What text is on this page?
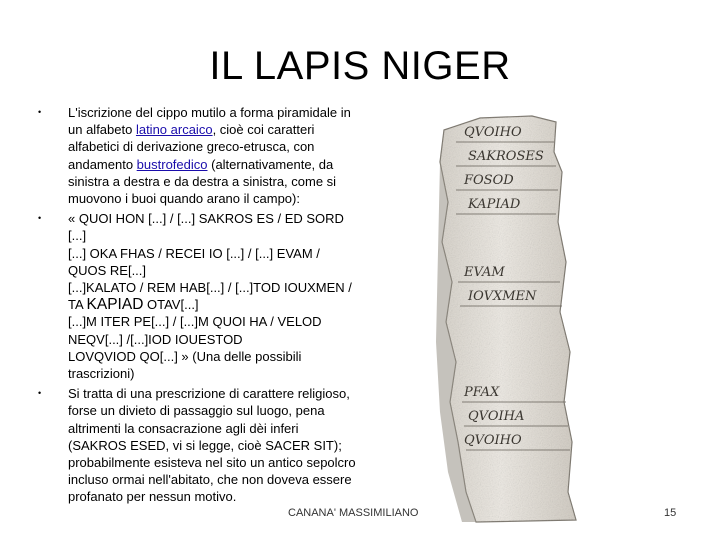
IL LAPIS NIGER
• L'iscrizione del cippo mutilo a forma piramidale in un alfabeto latino arcaico, cioè coi caratteri alfabetici di derivazione greco-etrusca, con andamento bustrofedico (alternativamente, da sinistra a destra e da destra a sinistra, come si muovono i buoi quando arano il campo):
• « QUOI HON [...] / [...] SAKROS ES / ED SORD [...]
[...] OKA FHAS / RECEI IO [...] / [...] EVAM / QUOS RE[...]
[...]KALATO / REM HAB[...] / [...]TOD IOUXMEN / TA KAPIAD OTAV[...]
[...]M ITER PE[...] / [...]M QUOI HA / VELOD NEQV[...] /[...]IOD IOUESTOD
LOVQVIOD QO[...] » (Una delle possibili trascrizioni)
• Si tratta di una prescrizione di carattere religioso, forse un divieto di passaggio sul luogo, pena altrimenti la consacrazione agli dèi inferi (SAKROS ESED, vi si legge, cioè SACER SIT); probabilmente esisteva nel sito un antico sepolcro incluso ormai nell'abitato, che non doveva essere profanato per nessun motivo.
QVOIHO
SAKROSES
FOSOD
KAPIAD
EVAM
IOVXMEN
PFAX
QVOIHA
QVOIHO
CANANA' MASSIMILIANO	15
